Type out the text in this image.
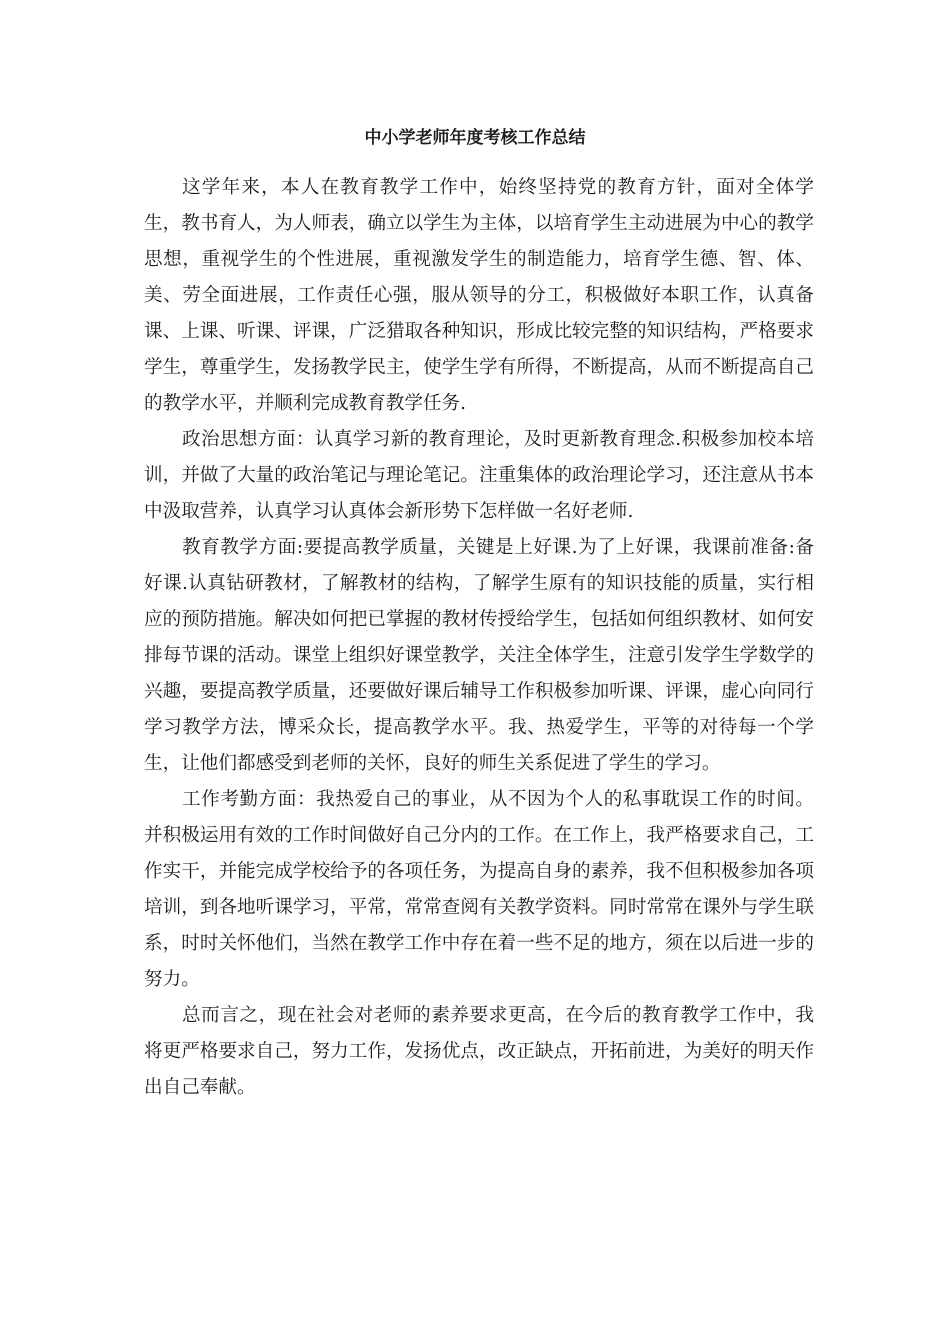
中小学老师年度考核工作总结

这学年来，本人在教育教学工作中，始终坚持党的教育方针，面对全体学生，教书育人，为人师表，确立以学生为主体，以培育学生主动进展为中心的教学思想，重视学生的个性进展，重视激发学生的制造能力，培育学生德、智、体、美、劳全面进展，工作责任心强，服从领导的分工，积极做好本职工作，认真备课、上课、听课、评课，广泛猎取各种知识，形成比较完整的知识结构，严格要求学生，尊重学生，发扬教学民主，使学生学有所得，不断提高，从而不断提高自己的教学水平，并顺利完成教育教学任务.

政治思想方面：认真学习新的教育理论，及时更新教育理念.积极参加校本培训，并做了大量的政治笔记与理论笔记。注重集体的政治理论学习，还注意从书本中汲取营养，认真学习认真体会新形势下怎样做一名好老师.

教育教学方面:要提高教学质量，关键是上好课.为了上好课，我课前准备:备好课.认真钻研教材，了解教材的结构，了解学生原有的知识技能的质量，实行相应的预防措施。解决如何把已掌握的教材传授给学生，包括如何组织教材、如何安排每节课的活动。课堂上组织好课堂教学，关注全体学生，注意引发学生学数学的兴趣，要提高教学质量，还要做好课后辅导工作积极参加听课、评课，虚心向同行学习教学方法，博采众长，提高教学水平。我、热爱学生，平等的对待每一个学生，让他们都感受到老师的关怀，良好的师生关系促进了学生的学习。

工作考勤方面：我热爱自己的事业，从不因为个人的私事耽误工作的时间。并积极运用有效的工作时间做好自己分内的工作。在工作上，我严格要求自己，工作实干，并能完成学校给予的各项任务，为提高自身的素养，我不但积极参加各项培训，到各地听课学习，平常，常常查阅有关教学资料。同时常常在课外与学生联系，时时关怀他们，当然在教学工作中存在着一些不足的地方，须在以后进一步的努力。

总而言之，现在社会对老师的素养要求更高，在今后的教育教学工作中，我将更严格要求自己，努力工作，发扬优点，改正缺点，开拓前进，为美好的明天作出自己奉献。
